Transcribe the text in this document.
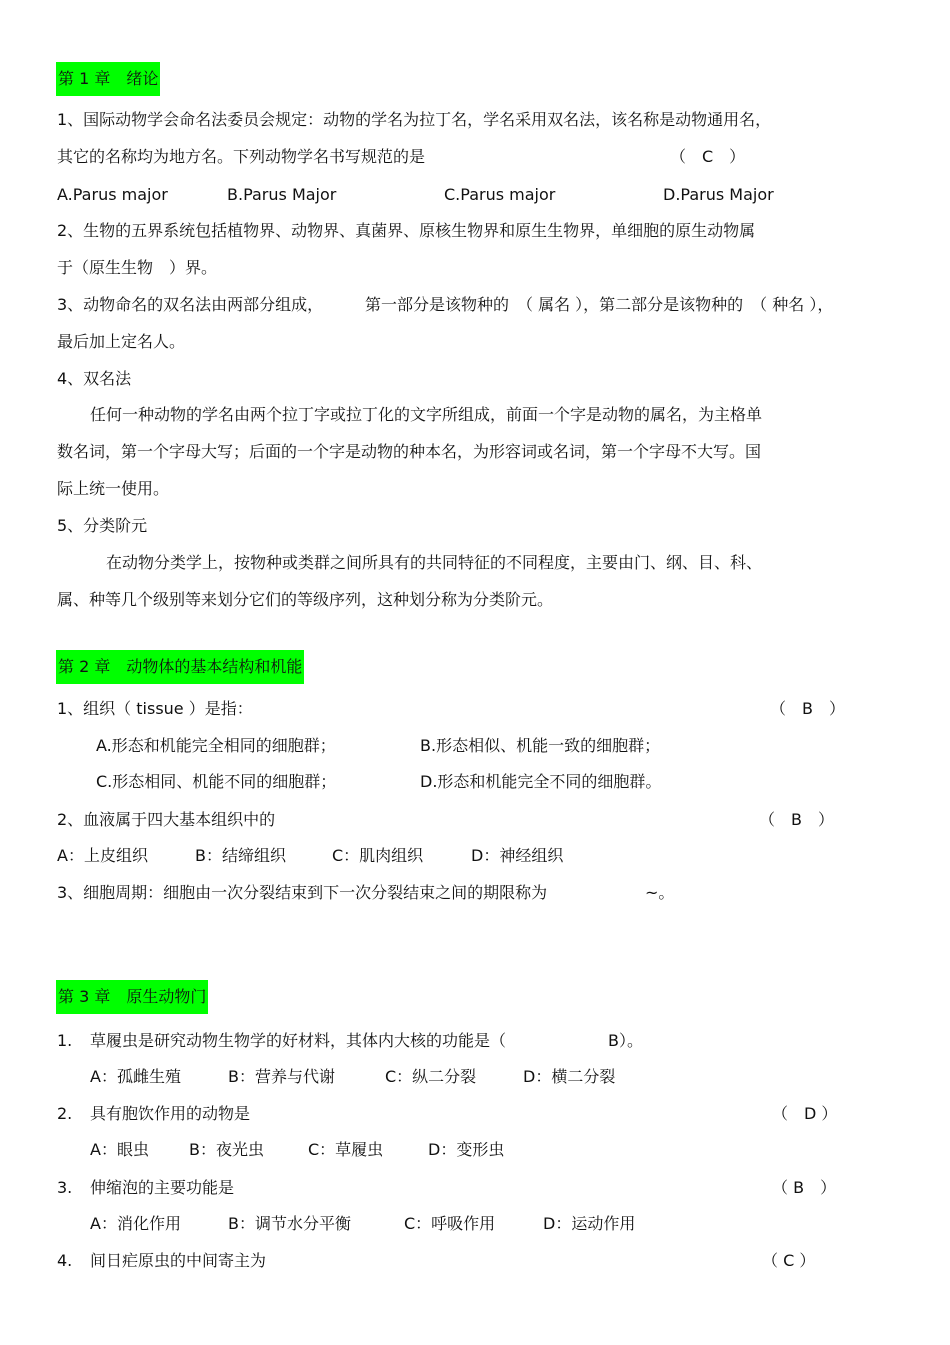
第 1 章　绪论
1、国际动物学会命名法委员会规定：动物的学名为拉丁名，学名采用双名法，该名称是动物通用名，
其它的名称均为地方名。下列动物学名书写规范的是	（　C　）
A.Parus major	B.Parus Major	C.Parus major	D.Parus Major
2、生物的五界系统包括植物界、动物界、真菌界、原核生物界和原生生物界，单细胞的原生动物属
于（原生生物　）界。
3、动物命名的双名法由两部分组成，	第一部分是该物种的　（ 属名 ），第二部分是该物种的　（ 种名 ），
最后加上定名人。
4、双名法
任何一种动物的学名由两个拉丁字或拉丁化的文字所组成，前面一个字是动物的属名，为主格单
数名词，第一个字母大写；后面的一个字是动物的种本名，为形容词或名词，第一个字母不大写。国
际上统一使用。
5、分类阶元
在动物分类学上，按物种或类群之间所具有的共同特征的不同程度，主要由门、纲、目、科、
属、种等几个级别等来划分它们的等级序列，这种划分称为分类阶元。
第 2 章　动物体的基本结构和机能
1、组织（ tissue ）是指：	（　B　）
A.形态和机能完全相同的细胞群；	B.形态相似、机能一致的细胞群；
C.形态相同、机能不同的细胞群；	D.形态和机能完全不同的细胞群。
2、血液属于四大基本组织中的	（　B　）
A：上皮组织	B：结缔组织	C：肌肉组织	D：神经组织
3、细胞周期：细胞由一次分裂结束到下一次分裂结束之间的期限称为	~。
第 3 章　原生动物门
1. 草履虫是研究动物生物学的好材料，其体内大核的功能是（	B）。
A：孤雌生殖	B：营养与代谢	C：纵二分裂	D：横二分裂
2. 具有胞饮作用的动物是	（　D ）
A：眼虫	B：夜光虫	C：草履虫	D：变形虫
3. 伸缩泡的主要功能是	（ B　）
A：消化作用	B：调节水分平衡	C：呼吸作用	D：运动作用
4. 间日疟原虫的中间寄主为	（ C ）
